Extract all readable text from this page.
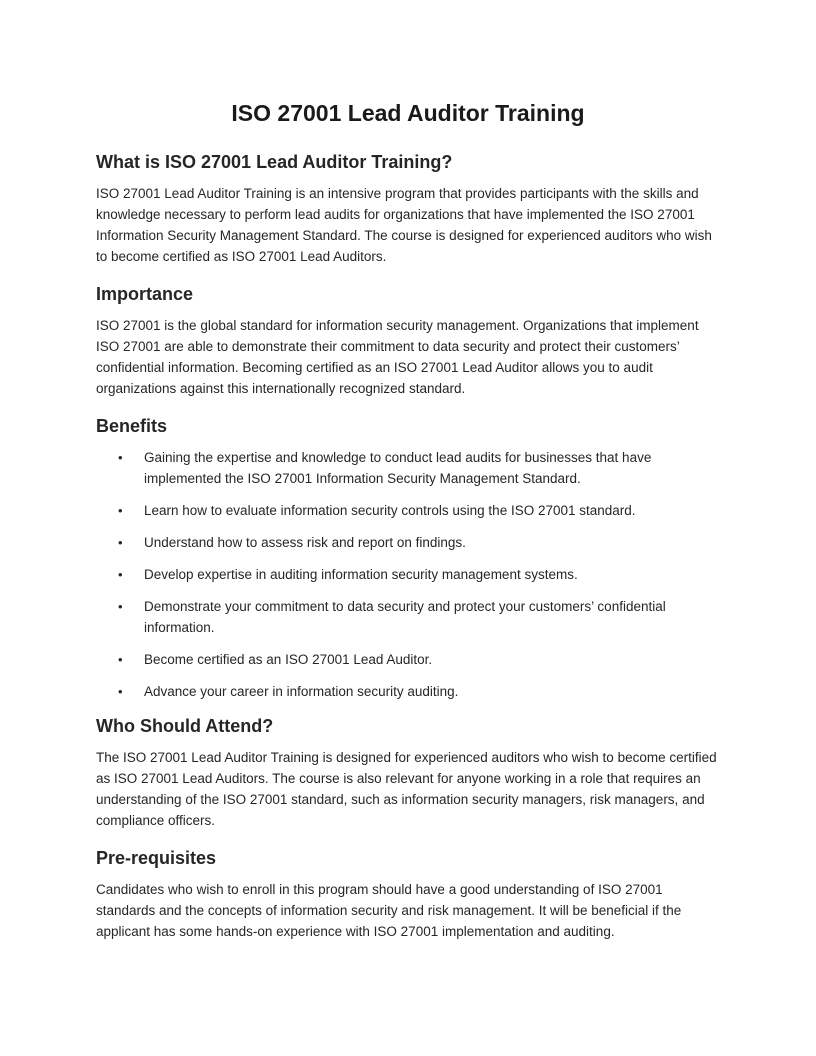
ISO 27001 Lead Auditor Training
What is ISO 27001 Lead Auditor Training?

ISO 27001 Lead Auditor Training is an intensive program that provides participants with the skills and knowledge necessary to perform lead audits for organizations that have implemented the ISO 27001 Information Security Management Standard. The course is designed for experienced auditors who wish to become certified as ISO 27001 Lead Auditors.

Importance

ISO 27001 is the global standard for information security management. Organizations that implement ISO 27001 are able to demonstrate their commitment to data security and protect their customers’ confidential information. Becoming certified as an ISO 27001 Lead Auditor allows you to audit organizations against this internationally recognized standard.

Benefits
• Gaining the expertise and knowledge to conduct lead audits for businesses that have implemented the ISO 27001 Information Security Management Standard.
• Learn how to evaluate information security controls using the ISO 27001 standard.
• Understand how to assess risk and report on findings.
• Develop expertise in auditing information security management systems.
• Demonstrate your commitment to data security and protect your customers’ confidential information.
• Become certified as an ISO 27001 Lead Auditor.
• Advance your career in information security auditing.
Who Should Attend?

The ISO 27001 Lead Auditor Training is designed for experienced auditors who wish to become certified as ISO 27001 Lead Auditors. The course is also relevant for anyone working in a role that requires an understanding of the ISO 27001 standard, such as information security managers, risk managers, and compliance officers.

Pre-requisites

Candidates who wish to enroll in this program should have a good understanding of ISO 27001 standards and the concepts of information security and risk management. It will be beneficial if the applicant has some hands-on experience with ISO 27001 implementation and auditing.
